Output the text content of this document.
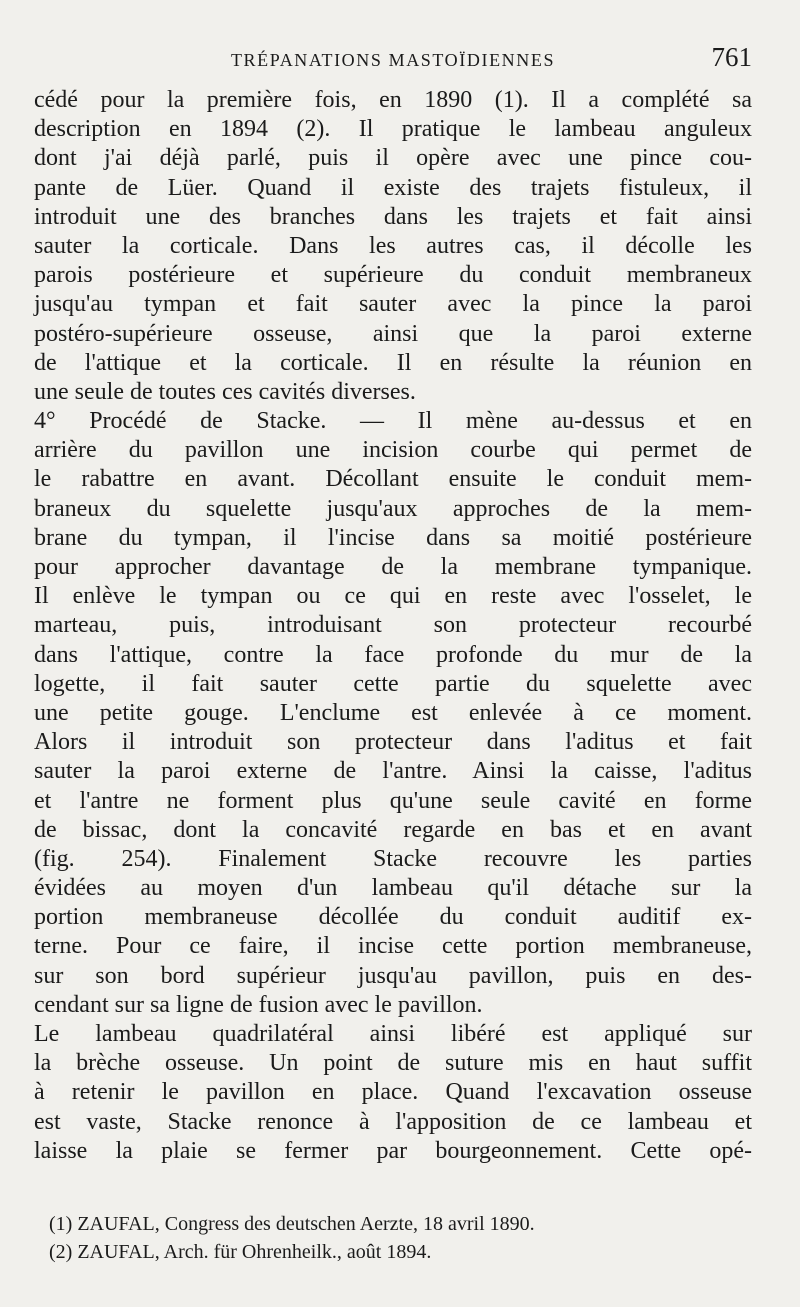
TRÉPANATIONS MASTOÏDIENNES	761
cédé pour la première fois, en 1890 (1). Il a complété sa
description en 1894 (2). Il pratique le lambeau anguleux
dont j'ai déjà parlé, puis il opère avec une pince cou-
pante de Lüer. Quand il existe des trajets fistuleux, il
introduit une des branches dans les trajets et fait ainsi
sauter la corticale. Dans les autres cas, il décolle les
parois postérieure et supérieure du conduit membraneux
jusqu'au tympan et fait sauter avec la pince la paroi
postéro-supérieure osseuse, ainsi que la paroi externe
de l'attique et la corticale. Il en résulte la réunion en
une seule de toutes ces cavités diverses.
4° Procédé de Stacke. — Il mène au-dessus et en
arrière du pavillon une incision courbe qui permet de
le rabattre en avant. Décollant ensuite le conduit mem-
braneux du squelette jusqu'aux approches de la mem-
brane du tympan, il l'incise dans sa moitié postérieure
pour approcher davantage de la membrane tympanique.
Il enlève le tympan ou ce qui en reste avec l'osselet, le
marteau, puis, introduisant son protecteur recourbé
dans l'attique, contre la face profonde du mur de la
logette, il fait sauter cette partie du squelette avec
une petite gouge. L'enclume est enlevée à ce moment.
Alors il introduit son protecteur dans l'aditus et fait
sauter la paroi externe de l'antre. Ainsi la caisse, l'aditus
et l'antre ne forment plus qu'une seule cavité en forme
de bissac, dont la concavité regarde en bas et en avant
(fig. 254). Finalement Stacke recouvre les parties
évidées au moyen d'un lambeau qu'il détache sur la
portion membraneuse décollée du conduit auditif ex-
terne. Pour ce faire, il incise cette portion membraneuse,
sur son bord supérieur jusqu'au pavillon, puis en des-
cendant sur sa ligne de fusion avec le pavillon.
Le lambeau quadrilatéral ainsi libéré est appliqué sur
la brèche osseuse. Un point de suture mis en haut suffit
à retenir le pavillon en place. Quand l'excavation osseuse
est vaste, Stacke renonce à l'apposition de ce lambeau et
laisse la plaie se fermer par bourgeonnement. Cette opé-
(1) ZAUFAL, Congress des deutschen Aerzte, 18 avril 1890.
(2) ZAUFAL, Arch. für Ohrenheilk., août 1894.
